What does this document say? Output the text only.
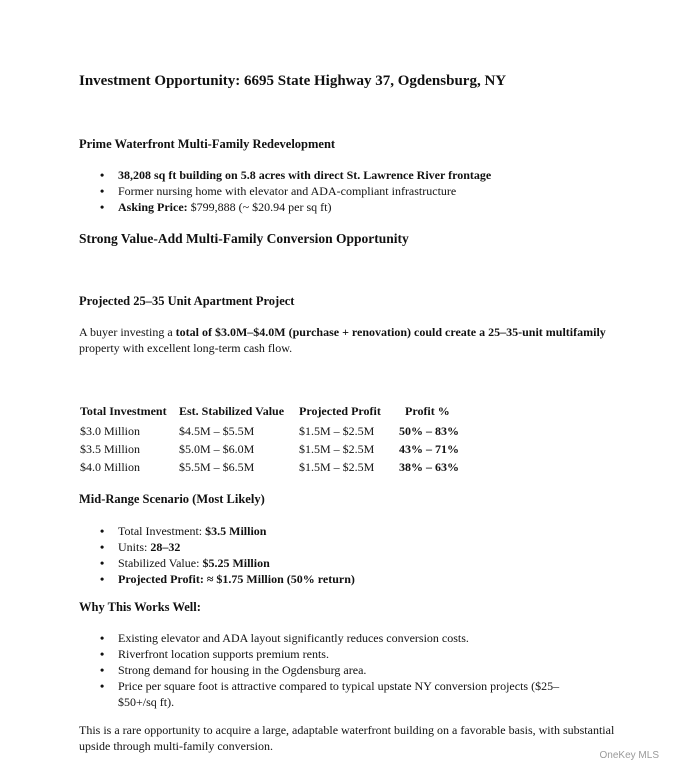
Investment Opportunity: 6695 State Highway 37, Ogdensburg, NY
Prime Waterfront Multi-Family Redevelopment
• 38,208 sq ft building on 5.8 acres with direct St. Lawrence River frontage
• Former nursing home with elevator and ADA-compliant infrastructure
• Asking Price: $799,888 (~ $20.94 per sq ft)
Strong Value-Add Multi-Family Conversion Opportunity
Projected 25–35 Unit Apartment Project
A buyer investing a total of $3.0M–$4.0M (purchase + renovation) could create a 25–35-unit multifamily property with excellent long-term cash flow.
Total Investment	Est. Stabilized Value	Projected Profit	Profit %
$3.0 Million	$4.5M – $5.5M	$1.5M – $2.5M	50% – 83%
$3.5 Million	$5.0M – $6.0M	$1.5M – $2.5M	43% – 71%
$4.0 Million	$5.5M – $6.5M	$1.5M – $2.5M	38% – 63%
Mid-Range Scenario (Most Likely)
• Total Investment: $3.5 Million
• Units: 28–32
• Stabilized Value: $5.25 Million
• Projected Profit: ≈ $1.75 Million (50% return)
Why This Works Well:
• Existing elevator and ADA layout significantly reduces conversion costs.
• Riverfront location supports premium rents.
• Strong demand for housing in the Ogdensburg area.
• Price per square foot is attractive compared to typical upstate NY conversion projects ($25–$50+/sq ft).
This is a rare opportunity to acquire a large, adaptable waterfront building on a favorable basis, with substantial upside through multi-family conversion.
OneKey MLS
